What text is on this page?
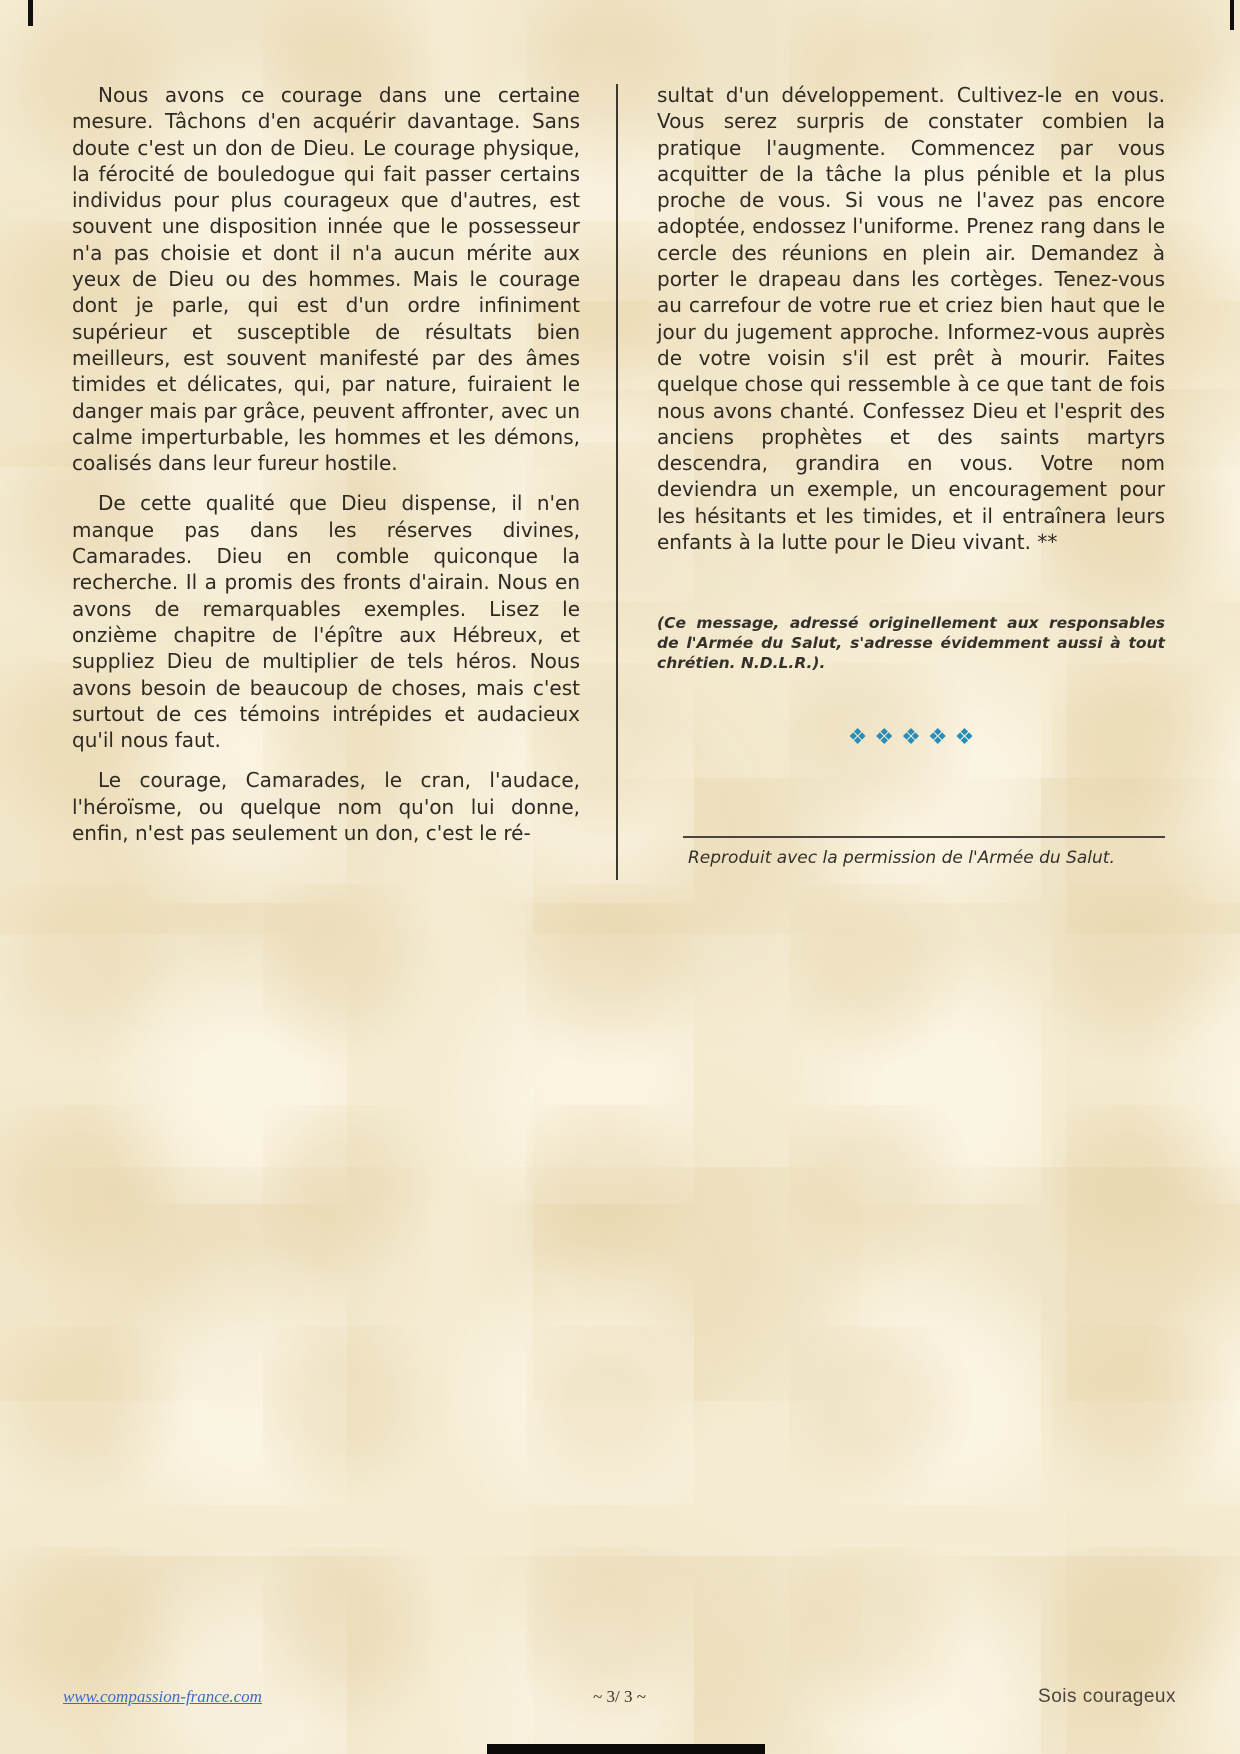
Nous avons ce courage dans une certaine mesure. Tâchons d'en acquérir davantage. Sans doute c'est un don de Dieu. Le courage physique, la férocité de bouledogue qui fait passer certains individus pour plus courageux que d'autres, est souvent une disposition innée que le possesseur n'a pas choisie et dont il n'a aucun mérite aux yeux de Dieu ou des hommes. Mais le courage dont je parle, qui est d'un ordre infiniment supérieur et susceptible de résultats bien meilleurs, est souvent manifesté par des âmes timides et délicates, qui, par nature, fuiraient le danger mais par grâce, peuvent affronter, avec un calme imperturbable, les hommes et les démons, coalisés dans leur fureur hostile.

De cette qualité que Dieu dispense, il n'en manque pas dans les réserves divines, Camarades. Dieu en comble quiconque la recherche. Il a promis des fronts d'airain. Nous en avons de remarquables exemples. Lisez le onzième chapitre de l'épître aux Hébreux, et suppliez Dieu de multiplier de tels héros. Nous avons besoin de beaucoup de choses, mais c'est surtout de ces témoins intrépides et audacieux qu'il nous faut.

Le courage, Camarades, le cran, l'audace, l'héroïsme, ou quelque nom qu'on lui donne, enfin, n'est pas seulement un don, c'est le ré-

sultat d'un développement. Cultivez-le en vous. Vous serez surpris de constater combien la pratique l'augmente. Commencez par vous acquitter de la tâche la plus pénible et la plus proche de vous. Si vous ne l'avez pas encore adoptée, endossez l'uniforme. Prenez rang dans le cercle des réunions en plein air. Demandez à porter le drapeau dans les cortèges. Tenez-vous au carrefour de votre rue et criez bien haut que le jour du jugement approche. Informez-vous auprès de votre voisin s'il est prêt à mourir. Faites quelque chose qui ressemble à ce que tant de fois nous avons chanté. Confessez Dieu et l'esprit des anciens prophètes et des saints martyrs descendra, grandira en vous. Votre nom deviendra un exemple, un encouragement pour les hésitants et les timides, et il entraînera leurs enfants à la lutte pour le Dieu vivant. **

(Ce message, adressé originellement aux responsables de l'Armée du Salut, s'adresse évidemment aussi à tout chrétien. N.D.L.R.).

❖❖❖❖❖
Reproduit avec la permission de l'Armée du Salut.
www.compassion-france.com	~ 3/ 3 ~	Sois courageux
